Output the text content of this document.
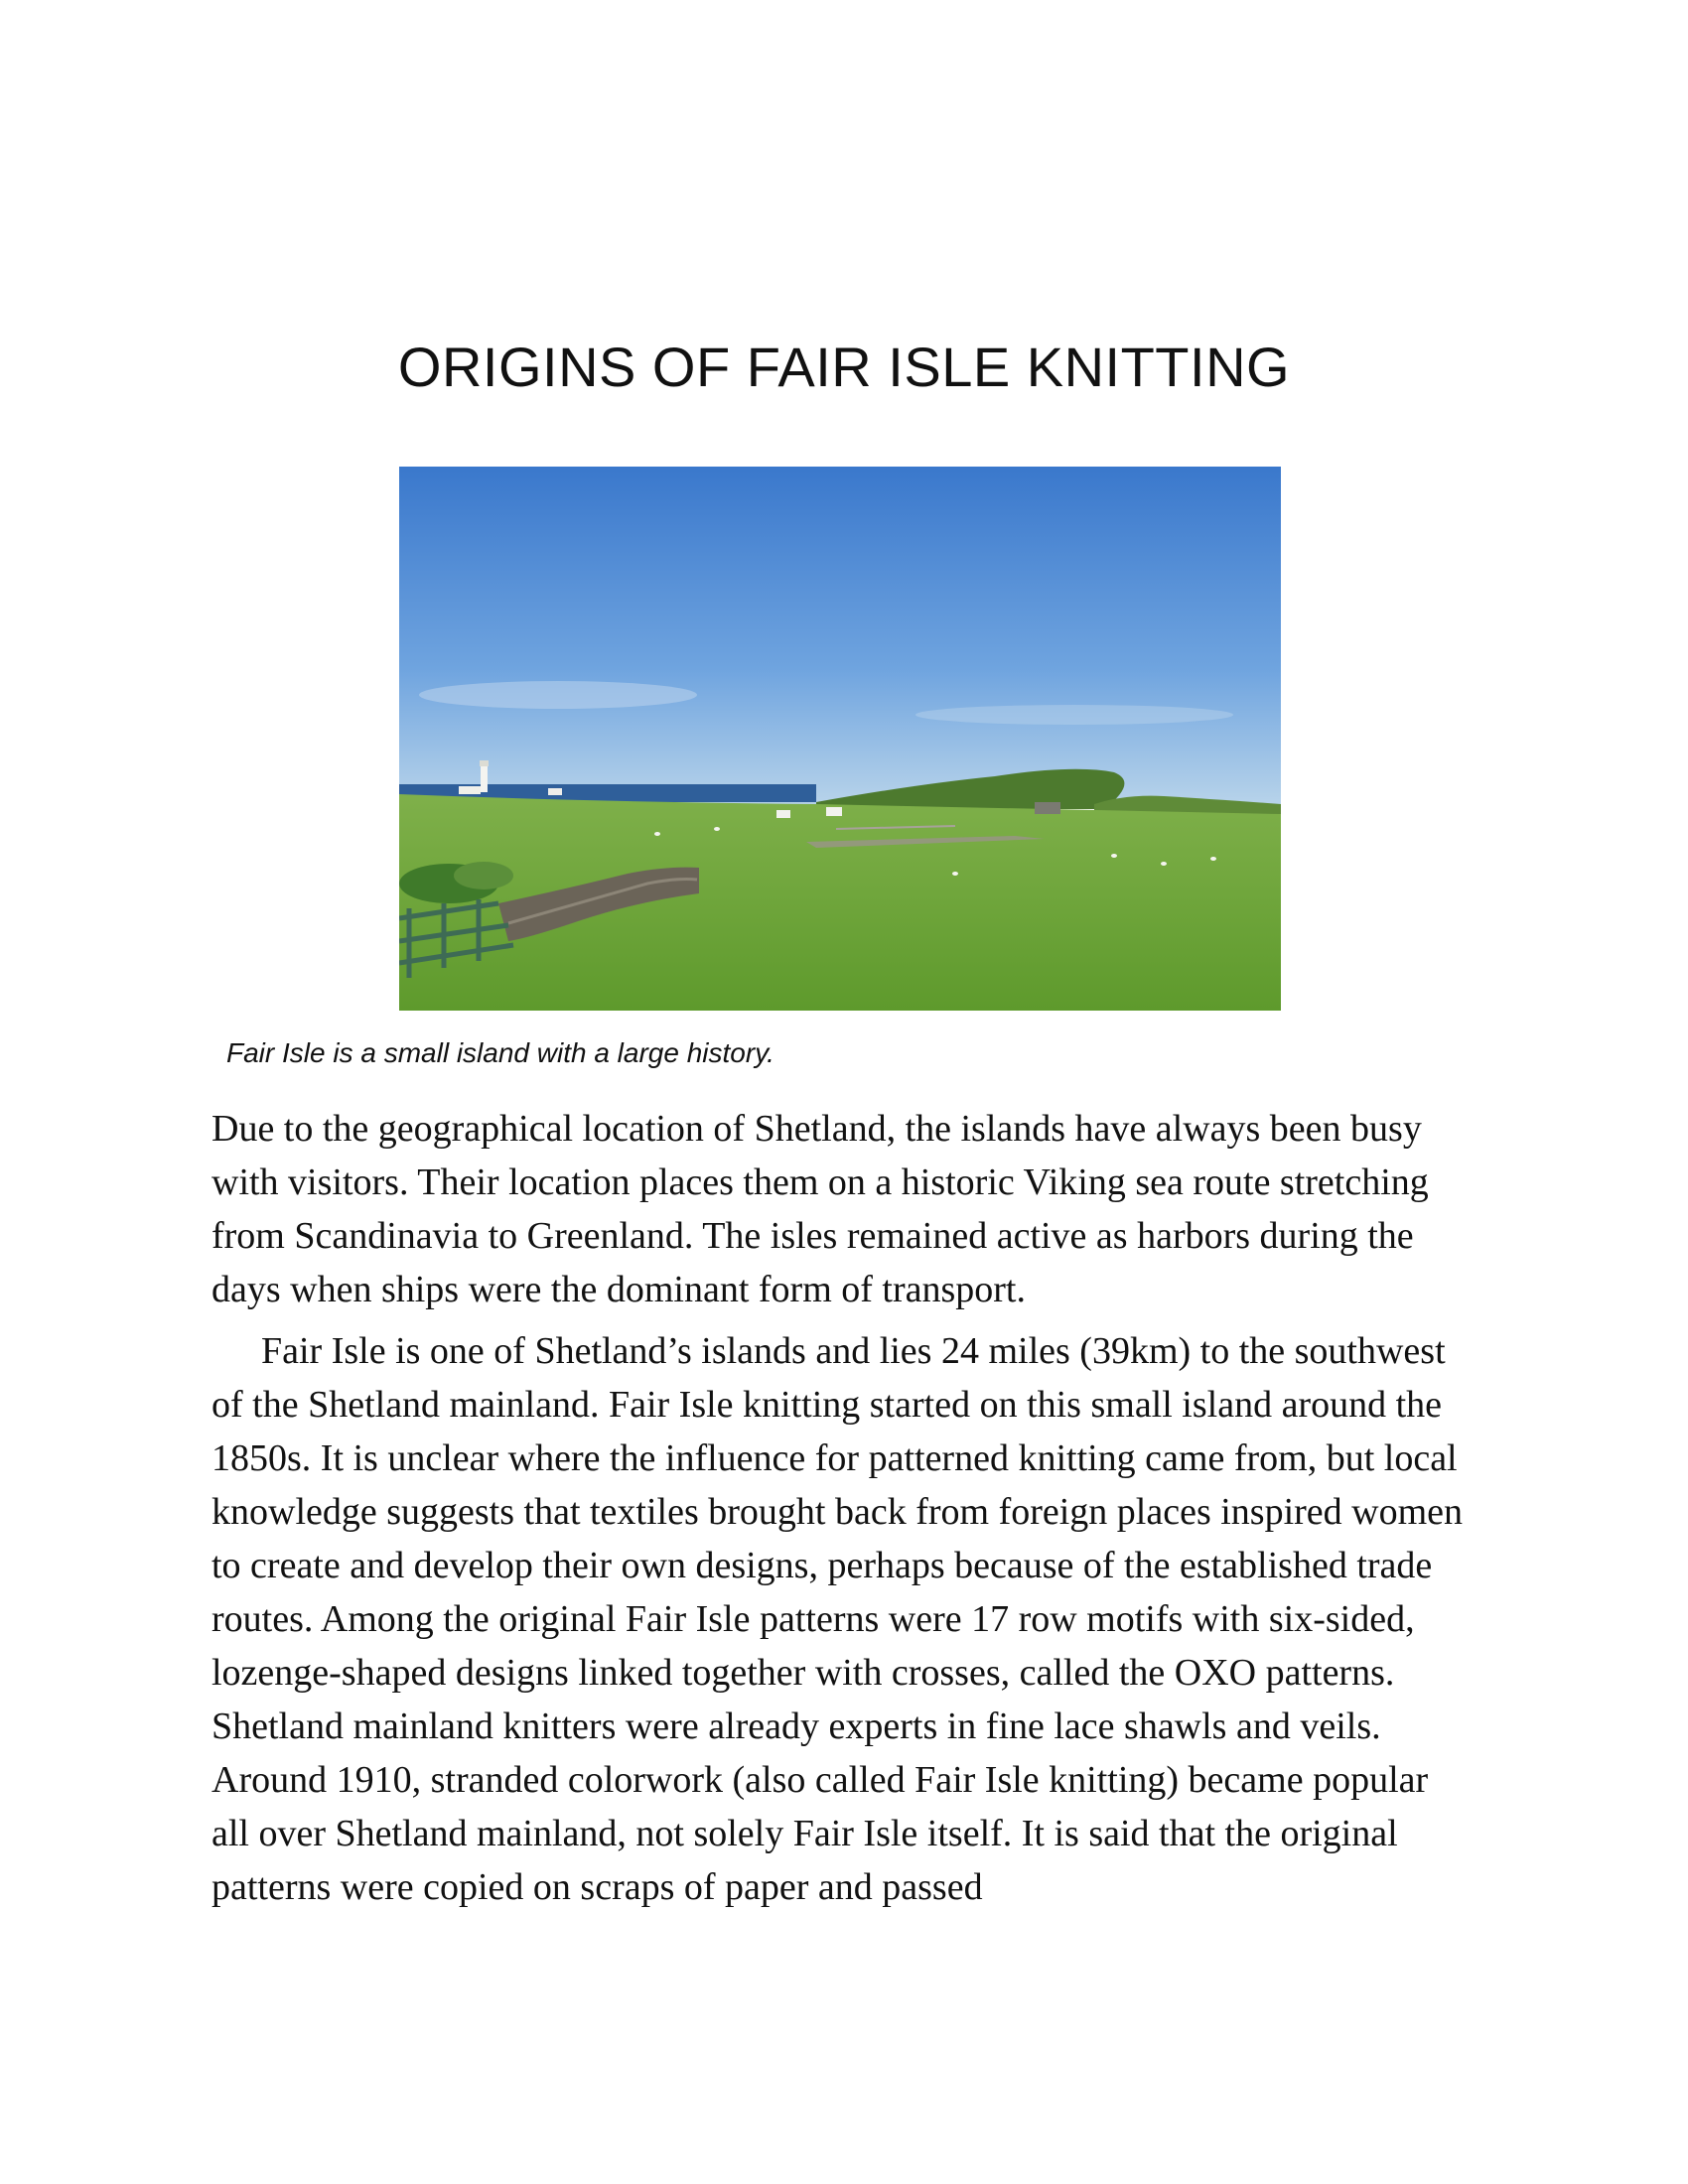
ORIGINS OF FAIR ISLE KNITTING

Fair Isle is a small island with a large history.

Due to the geographical location of Shetland, the islands have always been busy with visitors. Their location places them on a historic Viking sea route stretching from Scandinavia to Greenland. The isles remained active as harbors during the days when ships were the dominant form of transport.

Fair Isle is one of Shetland’s islands and lies 24 miles (39km) to the southwest of the Shetland mainland. Fair Isle knitting started on this small island around the 1850s. It is unclear where the influence for patterned knitting came from, but local knowledge suggests that textiles brought back from foreign places inspired women to create and develop their own designs, perhaps because of the established trade routes. Among the original Fair Isle patterns were 17 row motifs with six-sided, lozenge-shaped designs linked together with crosses, called the OXO patterns. Shetland mainland knitters were already experts in fine lace shawls and veils. Around 1910, stranded colorwork (also called Fair Isle knitting) became popular all over Shetland mainland, not solely Fair Isle itself. It is said that the original patterns were copied on scraps of paper and passed
